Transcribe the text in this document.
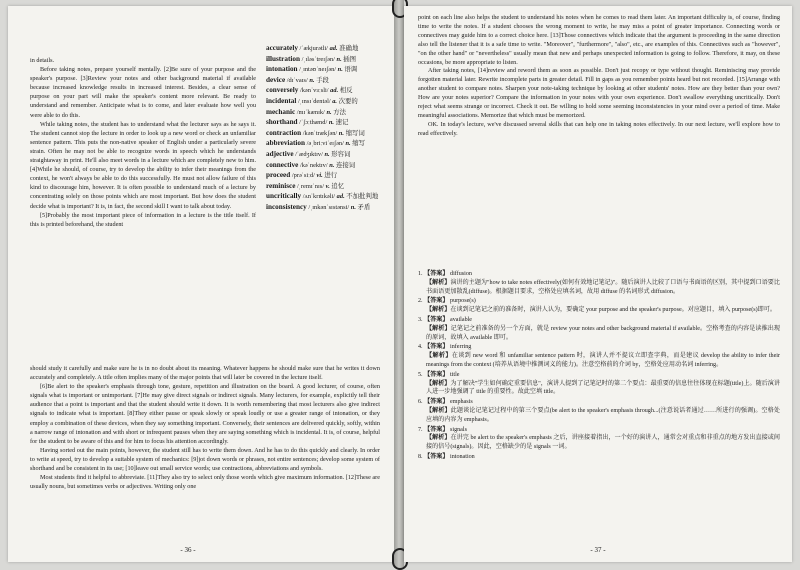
in details.

Before taking notes, prepare yourself mentally. [2]Be sure of your purpose and the speaker's purpose. [3]Review your notes and other background material if available because increased knowledge results in increased interest. Besides, a clear sense of purpose on your part will make the speaker's content more relevant. Be ready to understand and remember. Anticipate what is to come, and later evaluate how well you were able to do this.

While taking notes, the student has to understand what the lecturer says as he says it. The student cannot stop the lecture in order to look up a new word or check an unfamiliar sentence pattern. This puts the non-native speaker of English under a particularly severe strain. Often he may not be able to recognize words in speech which he understands straightaway in print. He'll also meet words in a lecture which are completely new to him. [4]While he should, of course, try to develop the ability to infer their meanings from the context, he won't always be able to do this successfully. He must not allow failure of this kind to discourage him, however. It is often possible to understand much of a lecture by concentrating solely on those points which are most important. But how does the student decide what is important? It is, in fact, the second skill I want to talk about today.

[5]Probably the most important piece of information in a lecture is the title itself. If this is printed beforehand, the student

accurately /ˈækjurətli/ ad. 准确地
illustration /ˌɪləsˈtreɪʃən/ n. 插图
intonation /ˌɪntəʊˈneɪʃən/ n. 语调
device /dɪˈvaɪs/ n. 手段
conversely /kənˈvɜːsli/ ad. 相反
incidental /ˌɪnsɪˈdentəl/ a. 次要的
mechanic /mɪˈkænɪk/ n. 方法
shorthand /ˈʃɔːthænd/ n. 速记
contraction /kənˈtrækʃən/ n. 缩写词
abbreviation /əˌbriːviˈeɪʃən/ n. 缩写
adjective /ˈædʒɪktɪv/ n. 形容词
connective /kəˈnektɪv/ n. 连接词
proceed /prəˈsiːd/ vi. 进行
reminisce /ˌremɪˈnɪs/ v. 追忆
uncritically /ʌnˈkrɪtɪkəli/ ad. 不加批判地
inconsistency /ˌɪnkənˈsɪstənsi/ n. 矛盾

should study it carefully and make sure he is in no doubt about its meaning. Whatever happens he should make sure that he writes it down accurately and completely. A title often implies many of the major points that will later be covered in the lecture itself.

[6]Be alert to the speaker's emphasis through tone, gesture, repetition and illustration on the board. A good lecturer, of course, often signals what is important or unimportant. [7]He may give direct signals or indirect signals. Many lecturers, for example, explicitly tell their audience that a point is important and that the student should write it down. It is worth remembering that most lecturers also give indirect signals to indicate what is important. [8]They either pause or speak slowly or speak loudly or use a greater range of intonation, or they employ a combination of these devices, when they say something important. Conversely, their sentences are delivered quickly, softly, within a narrow range of intonation and with short or infrequent pauses when they are saying something which is incidental. It is, of course, helpful for the student to be aware of this and for him to focus his attention accordingly.

Having sorted out the main points, however, the student still has to write them down. And he has to do this quickly and clearly. In order to write at speed, try to develop a suitable system of mechanics: [9]jot down words or phrases, not entire sentences; develop some system of shorthand and be consistent in its use; [10]leave out small service words; use contractions, abbreviations and symbols.

Most students find it helpful to abbreviate. [11]They also try to select only those words which give maximum information. [12]These are usually nouns, but sometimes verbs or adjectives. Writing only one

- 36 -

point on each line also helps the student to understand his notes when he comes to read them later. An important difficulty is, of course, finding time to write the notes. If a student chooses the wrong moment to write, he may miss a point of greater importance. Connecting words or connectives may guide him to a correct choice here. [13]Those connectives which indicate that the argument is proceeding in the same direction also tell the listener that it is a safe time to write. "Moreover", "furthermore", "also", etc., are examples of this. Connectives such as "however", "on the other hand" or "nevertheless" usually mean that new and perhaps unexpected information is going to follow. Therefore, it may, on these occasions, be more appropriate to listen.

After taking notes, [14]review and reword them as soon as possible. Don't just recopy or type without thought. Reminiscing may provide forgotten material later. Rewrite incomplete parts in greater detail. Fill in gaps as you remember points heard but not recorded. [15]Arrange with another student to compare notes. Sharpen your note-taking technique by looking at other students' notes. How are they better than your own? How are your notes superior? Compare the information in your notes with your own experience. Don't swallow everything uncritically. Don't reject what seems strange or incorrect. Check it out. Be willing to hold some seeming inconsistencies in your mind over a period of time. Make meaningful associations. Memorize that which must be memorized.

OK. In today's lecture, we've discussed several skills that can help one in taking notes effectively. In our next lecture, we'll explore how to read effectively.

1. 【答案】 diffusion
【解析】演讲的主题为"how to take notes effectively(如何有效地记笔记)"。随后演讲人比较了口语与书面语的区别，其中提到口语要比书面语更加散乱(diffuse)。根据题目要求，空格处应填名词，故用 diffuse 的名词形式 diffusion。
2. 【答案】 purpose(s)
【解析】在谈到记笔记之前的准备时，演讲人认为，要确定 your purpose and the speaker's purpose。对应题目，填入 purpose(s)即可。
3. 【答案】 available
【解析】记笔记之前准备的另一个方面，就是 review your notes and other background material if available。空格考查的内容是读推出现的原词，故填入 available 即可。
4. 【答案】 inferring
【解析】在谈到 new word 和 unfamiliar sentence pattern 时，演讲人并不提议立即查字典，而是建议 develop the ability to infer their meanings from the context (培养从语境中推测词义的能力)。注意空格前的介词 by，空格处应用动名词 inferring。
5. 【答案】 title
【解析】为了解决"学生如何确定重要信息"，演讲人提到了记笔记时的第二个要点：最重要的信息往往体现在标题(title)上。随后演讲人进一步地强调了 title 的重要性。故此空填 title。
6. 【答案】 emphasis
【解析】此题谈论记笔记过程中的第三个要点(be alert to the speaker's emphasis through...(注意说话者通过……所进行的强调)。空格处应填的内容为 emphasis。
7. 【答案】 signals
【解析】在讲完 be alert to the speaker's emphasis 之后，讲座接着指出，一个好的演讲人，通常会对重点和非重点的地方发出直接或间接的信号(signals)。因此，空格缺少的是 signals 一词。
8. 【答案】 intonation
- 37 -
